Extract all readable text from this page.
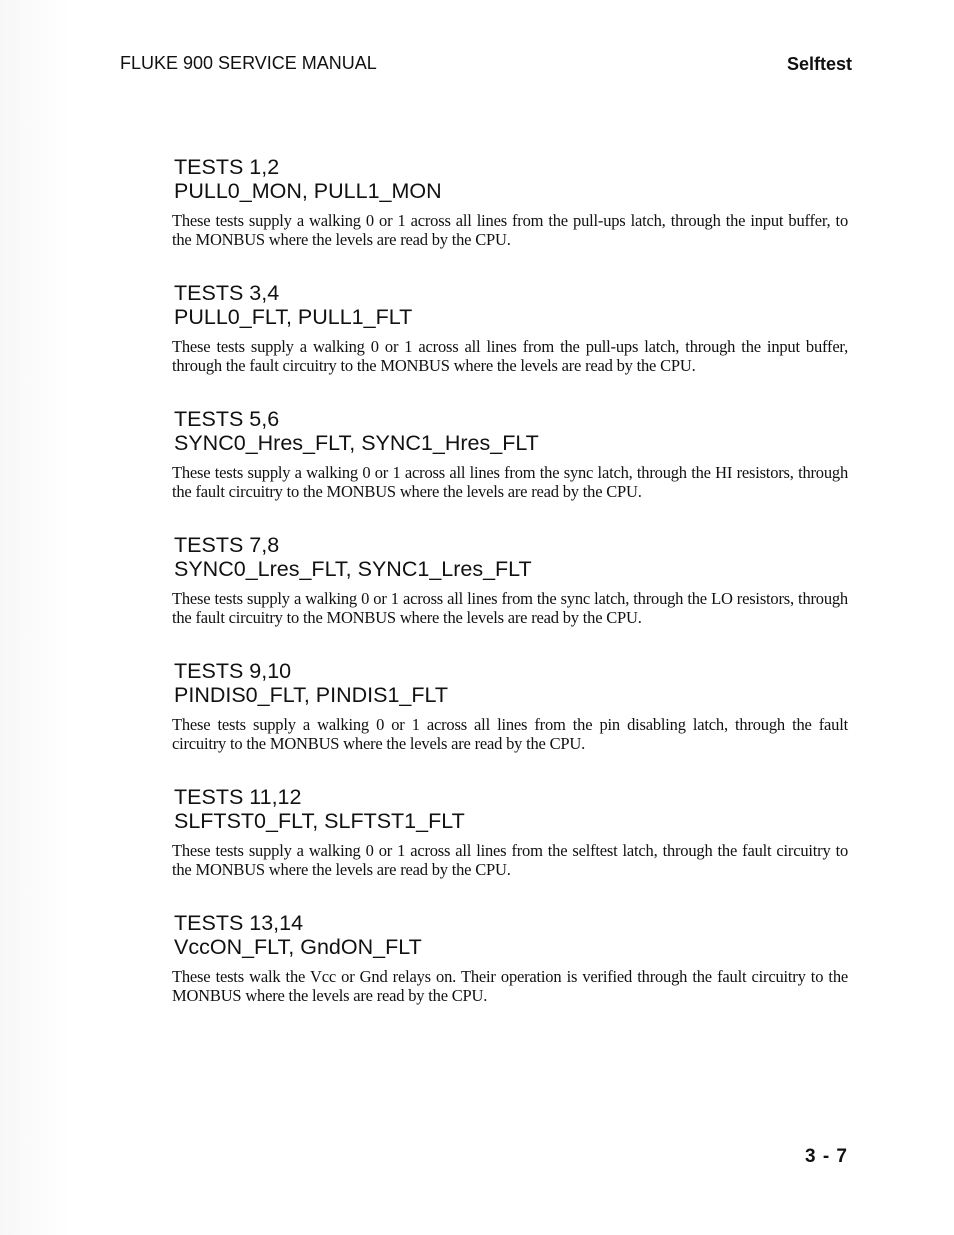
FLUKE 900 SERVICE MANUAL	Selftest

TESTS 1,2

PULL0_MON, PULL1_MON

These tests supply a walking 0 or 1 across all lines from the pull-ups latch, through the input buffer, to the MONBUS where the levels are read by the CPU.

TESTS 3,4

PULL0_FLT, PULL1_FLT

These tests supply a walking 0 or 1 across all lines from the pull-ups latch, through the input buffer, through the fault circuitry to the MONBUS where the levels are read by the CPU.

TESTS 5,6

SYNC0_Hres_FLT, SYNC1_Hres_FLT

These tests supply a walking 0 or 1 across all lines from the sync latch, through the HI resistors, through the fault circuitry to the MONBUS where the levels are read by the CPU.

TESTS 7,8

SYNC0_Lres_FLT, SYNC1_Lres_FLT

These tests supply a walking 0 or 1 across all lines from the sync latch, through the LO resistors, through the fault circuitry to the MONBUS where the levels are read by the CPU.

TESTS 9,10

PINDIS0_FLT, PINDIS1_FLT

These tests supply a walking 0 or 1 across all lines from the pin disabling latch, through the fault circuitry to the MONBUS where the levels are read by the CPU.

TESTS 11,12

SLFTST0_FLT, SLFTST1_FLT

These tests supply a walking 0 or 1 across all lines from the selftest latch, through the fault circuitry to the MONBUS where the levels are read by the CPU.

TESTS 13,14

VccON_FLT, GndON_FLT

These tests walk the Vcc or Gnd relays on. Their operation is verified through the fault circuitry to the MONBUS where the levels are read by the CPU.

3 - 7
